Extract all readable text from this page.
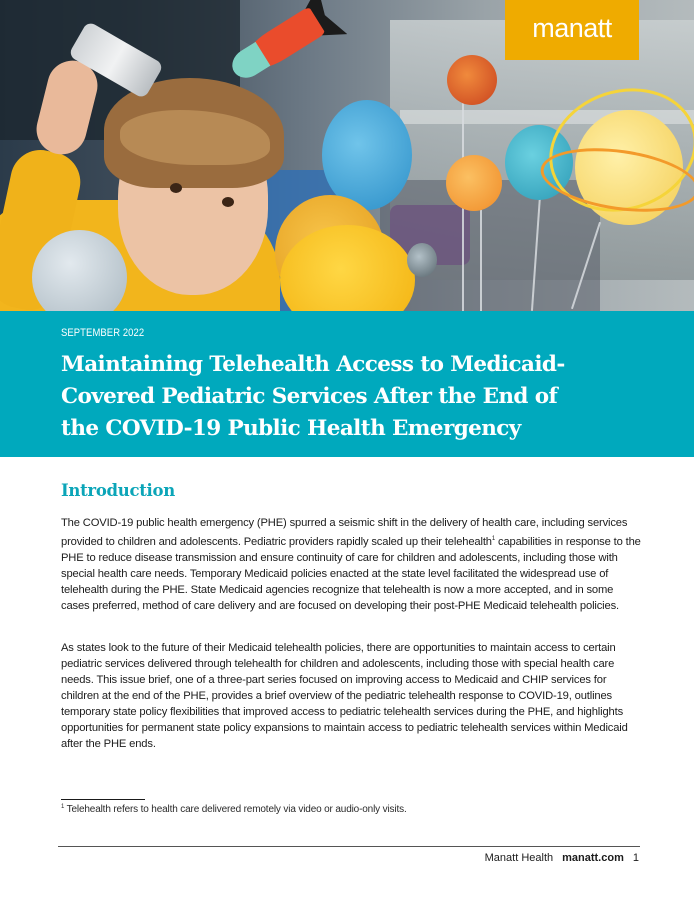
manatt
SEPTEMBER 2022
Maintaining Telehealth Access to Medicaid-
Covered Pediatric Services After the End of
the COVID-19 Public Health Emergency
Introduction

The COVID-19 public health emergency (PHE) spurred a seismic shift in the delivery of health care, including services provided to children and adolescents. Pediatric providers rapidly scaled up their telehealth$^1$ capabilities in response to the PHE to reduce disease transmission and ensure continuity of care for children and adolescents, including those with special health care needs. Temporary Medicaid policies enacted at the state level facilitated the widespread use of telehealth during the PHE. State Medicaid agencies recognize that telehealth is now a more accepted, and in some cases preferred, method of care delivery and are focused on developing their post-PHE Medicaid telehealth policies.

As states look to the future of their Medicaid telehealth policies, there are opportunities to maintain access to certain pediatric services delivered through telehealth for children and adolescents, including those with special health care needs. This issue brief, one of a three-part series focused on improving access to Medicaid and CHIP services for children at the end of the PHE, provides a brief overview of the pediatric telehealth response to COVID-19, outlines temporary state policy flexibilities that improved access to pediatric telehealth services during the PHE, and highlights opportunities for permanent state policy expansions to maintain access to pediatric telehealth services within Medicaid after the PHE ends.

$^1$ Telehealth refers to health care delivered remotely via video or audio-only visits.
Manatt Health manatt.com 1
